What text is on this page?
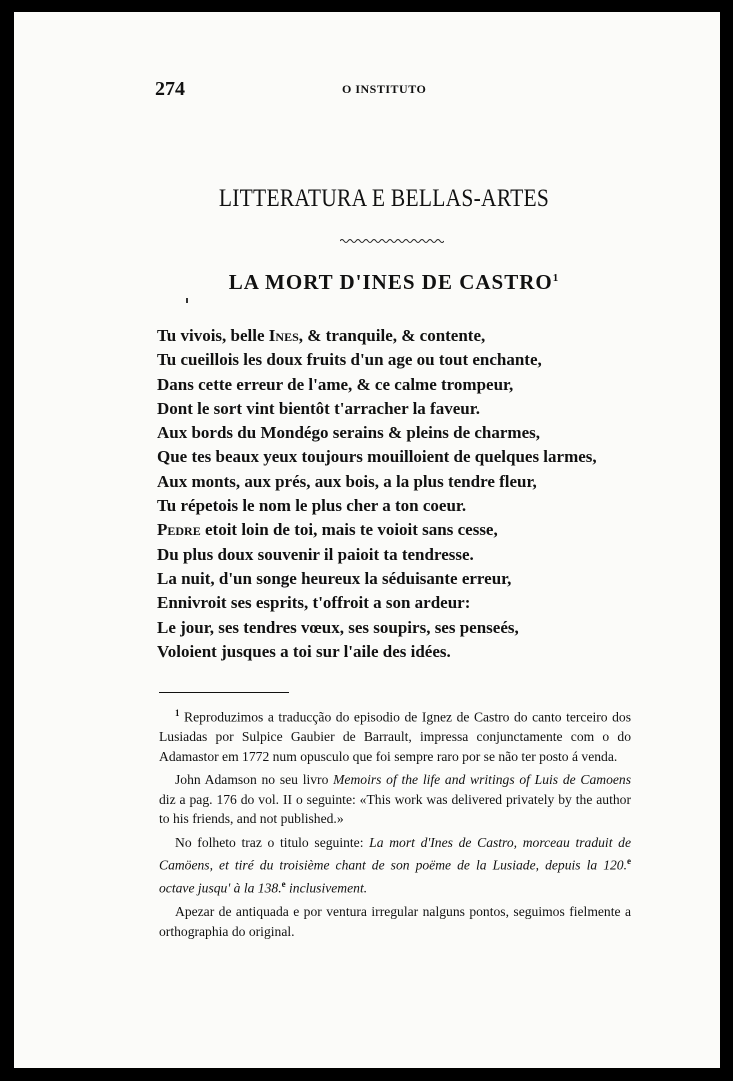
274	O INSTITUTO
LITTERATURA E BELLAS-ARTES
LA MORT D'INES DE CASTRO$^1$
Tu vivois, belle Ines, & tranquile, & contente,
Tu cueillois les doux fruits d'un age ou tout enchante,
Dans cette erreur de l'ame, & ce calme trompeur,
Dont le sort vint bientôt t'arracher la faveur.
Aux bords du Mondégo serains & pleins de charmes,
Que tes beaux yeux toujours mouilloient de quelques larmes,
Aux monts, aux prés, aux bois, a la plus tendre fleur,
Tu répetois le nom le plus cher a ton coeur.
Pedre etoit loin de toi, mais te voioit sans cesse,
Du plus doux souvenir il paioit ta tendresse.
La nuit, d'un songe heureux la séduisante erreur,
Ennivroit ses esprits, t'offroit a son ardeur:
Le jour, ses tendres vœux, ses soupirs, ses penseés,
Voloient jusques a toi sur l'aile des idées.

$^1$ Reproduzimos a traducção do episodio de Ignez de Castro do canto terceiro dos Lusiadas por Sulpice Gaubier de Barrault, impressa conjunctamente com o do Adamastor em 1772 num opusculo que foi sempre raro por se não ter posto á venda.

John Adamson no seu livro Memoirs of the life and writings of Luis de Camoens diz a pag. 176 do vol. II o seguinte: «This work was delivered privately by the author to his friends, and not published.»

No folheto traz o titulo seguinte: La mort d'Ines de Castro, morceau traduit de Camöens, et tiré du troisième chant de son poëme de la Lusiade, depuis la 120.$^e$ octave jusqu' à la 138.$^e$ inclusivement.

Apezar de antiquada e por ventura irregular nalguns pontos, seguimos fielmente a orthographia do original.
